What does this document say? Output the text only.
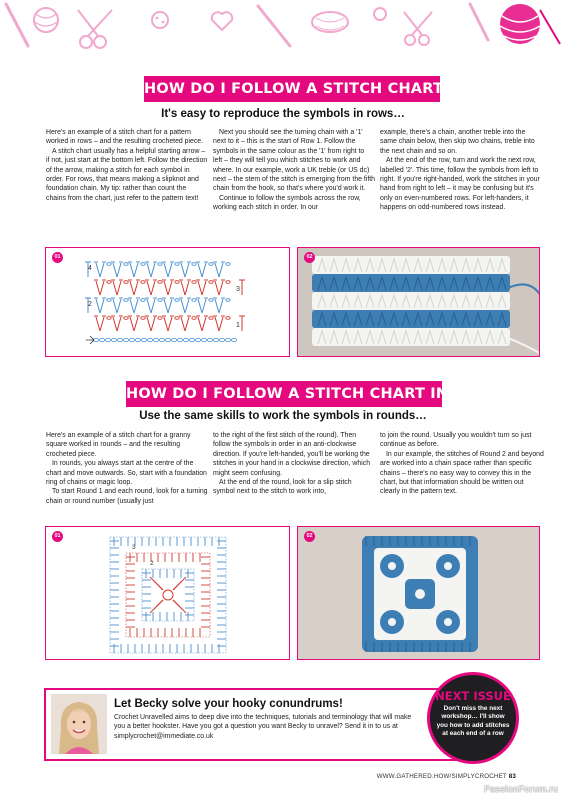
HOW DO I FOLLOW A STITCH CHART IN ROWS?
It's easy to reproduce the symbols in rows…

Here's an example of a stitch chart for a pattern worked in rows – and the resulting crocheted piece.

A stitch chart usually has a helpful starting arrow – if not, just start at the bottom left. Follow the direction of the arrow, making a stitch for each symbol in order. For rows, that means making a slipknot and foundation chain. My tip: rather than count the chains from the chart, just refer to the pattern text!

Next you should see the turning chain with a '1' next to it – this is the start of Row 1. Follow the symbols in the same colour as the '1' from right to left – they will tell you which stitches to work and where. In our example, work a UK treble (or US dc) next – the stem of the stitch is emerging from the fifth chain from the hook, so that's where you'd work it.

Continue to follow the symbols across the row, working each stitch in order. In our

example, there's a chain, another treble into the same chain below, then skip two chains, treble into the next chain and so on.

At the end of the row, turn and work the next row, labelled '2'. This time, follow the symbols from left to right. If you're right-handed, work the stitches in your hand from right to left – it may be confusing but it's only on even-numbered rows. For left-handers, it happens on odd-numbered rows instead.

4
3
2
1
01	02
HOW DO I FOLLOW A STITCH CHART IN ROUNDS?
Use the same skills to work the symbols in rounds…

Here's an example of a stitch chart for a granny square worked in rounds – and the resulting crocheted piece.

In rounds, you always start at the centre of the chart and move outwards. So, start with a foundation ring of chains or magic loop.

To start Round 1 and each round, look for a turning chain or round number (usually just

to the right of the first stitch of the round). Then follow the symbols in order in an anti-clockwise direction. If you're left-handed, you'll be working the stitches in your hand in a clockwise direction, which might seem confusing.

At the end of the round, look for a slip stitch symbol next to the stitch to work into,

to join the round. Usually you wouldn't turn so just continue as before.

In our example, the stitches of Round 2 and beyond are worked into a chain space rather than specific chains – there's no easy way to convey this in the chart, but that information should be written out clearly in the pattern text.

3
2
01	02
Let Becky solve your hooky conundrums!
Crochet Unravelled aims to deep dive into the techniques, tutorials and terminology that will make you a better hookster. Have you got a question you want Becky to unravel? Send it in to us at simplycrochet@immediate.co.uk
NEXT ISSUE
Don't miss the next workshop… I'll show you how to add stitches at each end of a row
WWW.GATHERED.HOW/SIMPLYCROCHET 83
PassionForum.ru
